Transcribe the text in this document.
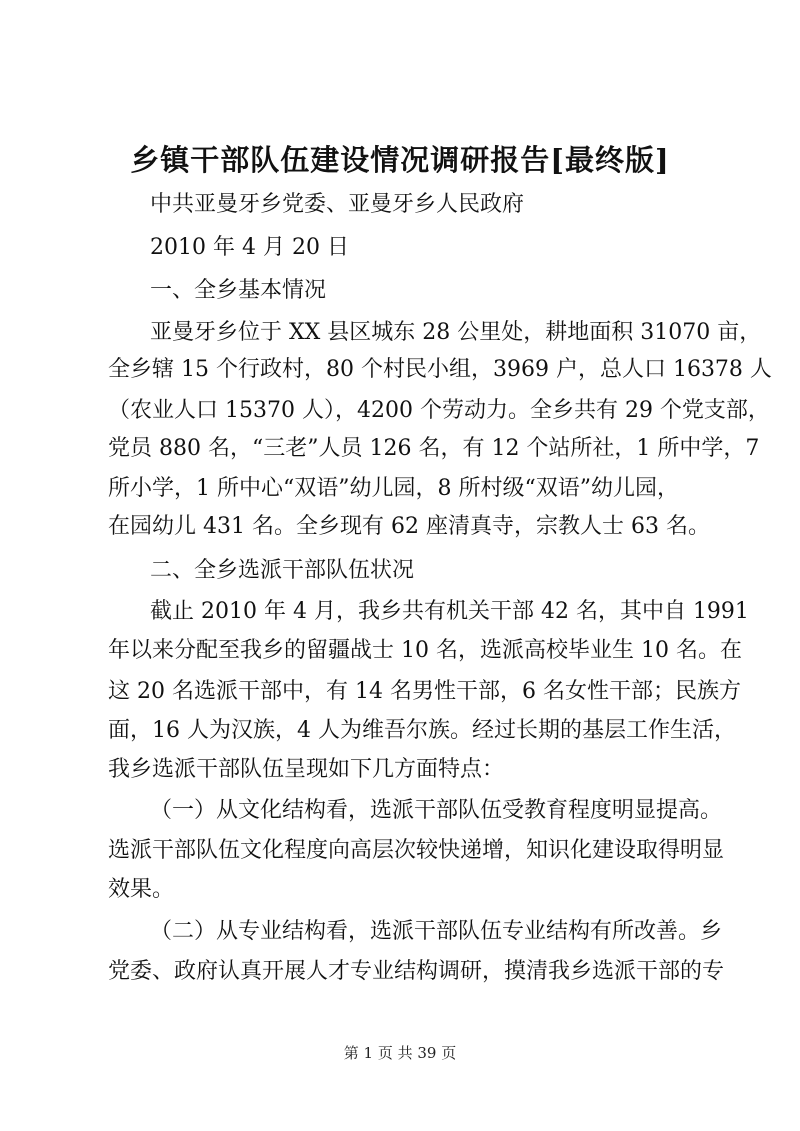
乡镇干部队伍建设情况调研报告[最终版]

中共亚曼牙乡党委、亚曼牙乡人民政府

2010 年 4 月 20 日

一、全乡基本情况

亚曼牙乡位于 XX 县区城东 28 公里处，耕地面积 31070 亩，

全乡辖 15 个行政村，80 个村民小组，3969 户，总人口 16378 人

（农业人口 15370 人），4200 个劳动力。全乡共有 29 个党支部，

党员 880 名，“三老”人员 126 名，有 12 个站所社，1 所中学，7

所小学，1 所中心“双语”幼儿园，8 所村级“双语”幼儿园，

在园幼儿 431 名。全乡现有 62 座清真寺，宗教人士 63 名。

二、全乡选派干部队伍状况

截止 2010 年 4 月，我乡共有机关干部 42 名，其中自 1991

年以来分配至我乡的留疆战士 10 名，选派高校毕业生 10 名。在

这 20 名选派干部中，有 14 名男性干部，6 名女性干部；民族方

面，16 人为汉族，4 人为维吾尔族。经过长期的基层工作生活，

我乡选派干部队伍呈现如下几方面特点：

（一）从文化结构看，选派干部队伍受教育程度明显提高。

选派干部队伍文化程度向高层次较快递增，知识化建设取得明显

效果。

（二）从专业结构看，选派干部队伍专业结构有所改善。乡

党委、政府认真开展人才专业结构调研，摸清我乡选派干部的专

第 1 页 共 39 页
